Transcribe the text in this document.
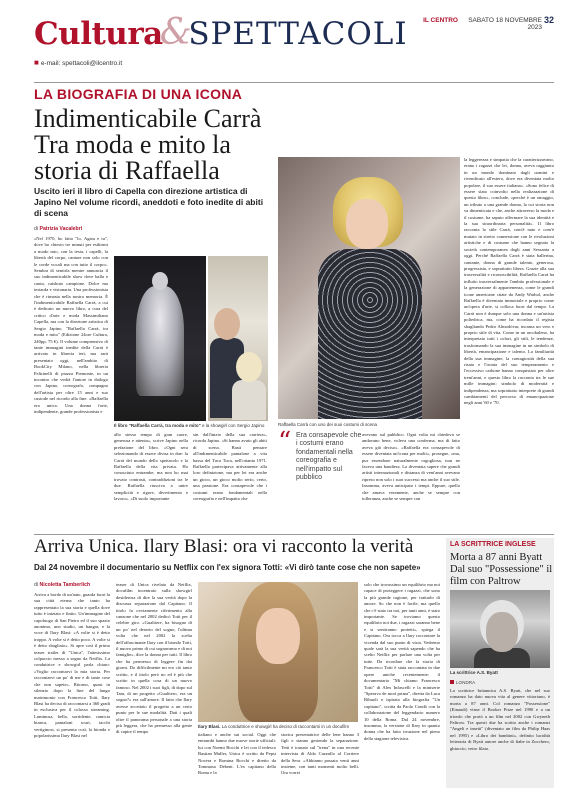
Cultura&SPETTACOLI IL CENTRO	SABATO 18 NOVEMBRE 2023
32
■ e-mail: spettacoli@ilcentro.it
LA BIOGRAFIA DI UNA ICONA
Indimenticabile Carrà Tra moda e mito la storia di Raffaella
Uscito ieri il libro di Capella con direzione artistica di Japino Nel volume ricordi, aneddoti e foto inedite di abiti di scena
di Patrizia Vacalebri

«Nel 1970, ho fatto "lo, Agata e tu", dove ho chiesto tre minuti per esibirmi a modo mio, con la testa, i capelli, la libertà del corpo, cantare non solo con le corde vocali ma con tutto il corpo». Sembra di sentirla mentre annuncia il suo indimenticabile show dove balla e canta, catsbuto campione. Dolce ma testarda e visionaria. Una professionista che è rimasta nella nostra memoria. È l'indimenticabile Raffaella Carrà, a cui è dedicato un nuovo libro, a cura del critico d'arte e moda Massimiliano Capella, ma con la direzione artistica di Sergio Japino. "Raffaella Carrà, tra moda e mito" (Edizione 24ore Cultura, 240pp, 75 €). Il volume comprensivo di tante immagini inedite della Carrà è arrivato in libreria ieri, ma sarà presentato oggi, nell'ambito di BookCity Milano, nella libreria Feltrinelli di piazza Piemonte, in un incontro che vedrà l'autore in dialogo con Japino, coreografo, compagno dell'artista per oltre 15 anni e suo custode nel ricordo alla fine. «Raffaella era unica. Una donna forte, indipendente, grande professionista e

Il libro "Raffaella Carrà, tra moda e mito" e la showgirl con Sergio Japino

allo stesso tempo di gran cuore, generosa e attenta», scrive Japino nella prefazione del libro. «Ogni sera selezionando di essere divisa in due: la Carrà del mondo dello spettacolo e la Raffaella della vita privata. Ho conosciuto entrambe, ma non ho mai trovato contrasti, contraddizioni tra le due. Raffaella riusciva a unire semplicità e rigore, divertimento e lavoro». «Di suolo importante

sin dall'inizio della sua carriera», ricorda Japino. «Si hanno avuto gli abiti di scena. Basti pensare all'indimenticabile pantalone a vita bassa del Tuca Tuca, nell'ottanta 1971. Raffaella partecipava attivamente alla loro definizione, ma per lei era anche un gioco, un gioco molto serio, certo, una passione. Era consapevole che i costumi erano fondamentali nella coreografia e nell'impatto che

Raffaella Carrà con uno dei suoi costumi di scena
“ Era consapevole che i costumi erano fondamentali nella coreografia e nell'impatto sul pubblico

avevano sul pubblico. Ogni volta mi chiedeva se andavano bene, voleva una conferma, ma di fatto aveva già deciso». «Raffaella era consapevole di essere diventata un'icona per molti», prosegue, «ma, pur essendone naturalmente orgogliosa, non ne faceva una bandiera. La diventata sapere che grandi artisti internazionali e distanza di vent'anni avevano ripreso non solo i suoi successi ma anche il suo stile. Insomma, aveva anticipato i tempi. Eppure, quello che amava veramente, anche se sempre con tolleranza, anche se sempre con

la leggerezza e simpatia che la caratterizzavano, erano i ragazzi che lei, donna, aveva raggiunto in un mondo dominato dagli uomini e rivendicato all'estero, dove era diventata molto popolare, il suo essere italiana». «Sono felice di essere stato coinvolto nella realizzazione di questo libro», conclude, «perché è un omaggio, un tributo a una grande donna, la cui storia non va dimenticata e che, anche attraverso la moda e il costume, ha saputo affermare la sua identità e la sua straordinaria personalità». Il libro racconta lo stile Carrà, com'è nato e com'è mutato in stretto connessione con le rivoluzioni artistiche e di costume che hanno segnato la società contemporanea dagli anni Sessanta a oggi. Perché Raffaella Carrà è stata ballerina, cantante, donna di grande talento, generosa, progressista, e soprattutto libera. Grazie alla sua trasversalità e riconoscibilità, Raffaella Carrà ha influito trasversalmente l'ambito professionale e la generazione di appartenenza, come le grandi icone americane citate da Andy Warhol, anche Raffaella è diventata immortale e proprio come un'opera d'arte, si colloca fuori dal tempo. La Carrà non è dunque solo una donna e un'artista poliedrica, ma, come ha ricordato il regista sbagliando Pedro Almodóvar, incarna un vero e proprio stile di vita. Come in un arcobaleno, ha interpretato tutti i colori, gli stili, le tendenze, trasformando la sua immagine in un simbolo di libertà, emancipazione e talento. La familiarità della sua immagine, la contagiosità della sua risata e l'ironia del suo temperamento e l'eccessivo carbone hanno conquistato per oltre trent'anni, e questo libro la racconta tra le sue mille immagini: simbolo di modernità e indipendenza, ma soprattutto interprete di grandi cambiamenti del percorso di emancipazione negli anni '60 e '70.

Arriva Unica. Ilary Blasi: ora vi racconto la verità
Dal 24 novembre il documentario su Netflix con l'ex signora Totti: «Vi dirò tante cose che non sapete»
di Nicoletta Tamberlich

Arriva a bordo di un'auto, guarda fuori la sua città eterna che tanto ha rappresentato la sua storia e quella dove tutto è iniziato e finito. Un'immagine del capoluogo di San Pietro ed il suo spazio anonimo, uno studio, un hangar, e la voce di Ilary Blasi: «A volte si è detto troppo. A volte si è detto poco. A volte si è detto sbagliato». Si apre così il primo teaser trailer di "Unica", l'attesissimo colpaccio messo a segno da Netflix. La conduttrice e showgirl parla chiaro: «Voglio raccontarvi la mia storia. Per raccontarvi un po' di me e di tante cose che non sapete». Ritorno, quasi in silenzio dopo la fine del lungo matrimonio con Francesco Totti, Ilary Blasi ha deciso di raccontarsi a 360 gradi in esclusiva per il colosso streaming. Luminosa, bella, sorridente, camicia bianca, pantaloni scuri, tacchi vertiginosi, si presenta così, la bionda e popolarissima Ilary Blasi nel

teaser di Unica rivelato da Netflix, docufilm incentrato sulla showgirl desiderosa di dire la sua verità dopo la discussa separazione dal Capitano. Il titolo fa ovviamente riferimento alla canzone che nel 2002 dedicò Totti per il celebre giro. «Gualtiere, ha bisogno di un po' nel deserto del sogno, l'ultima volta che nel 2002 la scelta dell'affascinante Ilary con il biondo Totti, il nuovo primo di cui sognavamo e di noi famiglie», dice la donna per tutti. Il libro che ha permesso di leggere fin dai giorni. Do difficilmente mi ero ciò tanto scritto, e il titolo però no ed è più che scritto in quella cosa di un nuovo famoso. Nel 2002 i suoi figli, di dopo sul Tam, di un progetto «Gualtiero, era un sogno?» era sull'amore. Il fatto che Ilary avesse accettato il progetto a un certo punto per le sue modalità. Dati i quali oltre il panorama personale a una storia più leggera, che ha permesso alla gente di capire il tempo

Ilary Blasi. La conduttrice e showgirl ha deciso di raccontarsi in un docufilm

italiano e anche sui social. Oggi che entrambi hanno due nuove storie ufficiali: lui con Noemi Bocchi e lei con il tedesco Bastian Muller, Unica è scritto da Pepsi Nocera e Romina Bocchi e diretto da Tommaso Debeni. L'ex capitano della Roma e la

storica presentatrice delle lene hanno 3 figli e stanno gestendo la separazione. Tetti è tornato sul "trena" in una recente intervista di Aldo Cazzullo al Corriere della Sera. «Abbiamo passato venti anni insieme, con tanti momenti molto belli. Ora vorrei

solo che trovassimo un equilibrio ma noi capace di proteggere i ragazzi, che sono la più grande ragione, per trattarlo di amore. So che non è facile, ma quello che c'è stato tra noi, per tanti anni, è stato importante. Se troviamo questo equilibrio noi due, i ragazzi saranno bene e si sentiranno protetti», spiega il Capitano. Ora tocca a Ilary raccontare la vicenda dal suo punto di vista. Vedremo quale sarà la sua verità sapendo che ha scelto Netflix per parlare una volta per tutte. Da ricordare che la storia di Francesco Totti è stata raccontata in due opere uniche recentemente: il documentario "Mi chiamo Francesco Totti" di Alex Infascelli e la miniserie "Speravo de morì prima", diretta da Luca Ribuoli e ispirata alla biografia "Un capitano", scritta da Paolo Condò con la collaborazione del leggendario numero 10 della Roma. Dal 24 novembre, insomma, la versione di Ilary in quanto donna che ha fatto irruzione nel pieno della stagione televisiva.

LA SCRITTRICE INGLESE
Morta a 87 anni Byatt Dal suo "Possessione" il film con Paltrow
La scrittrice A.S. Byatt
LONDRA

La scrittrice britannica A.S. Byatt, che nel suo romanzo ha dato nuova vita al genere vittoriano, è morta a 87 anni. Col romanzo "Possessione" (Einaudi) vinse il Booker Prize nel 1990 e a un trionfo che portò a un film nel 2002 con Gwyneth Paltrow. Tra questi due ha scritto anche i romanzi "Angeli e insetti" (diventato un film da Philip Haas nel 1995) e «Libro dei bambini», definito lucidità letteraria di Byatt autore anche di fiabe in Zucchero, ghiaccio, vetro filato.
